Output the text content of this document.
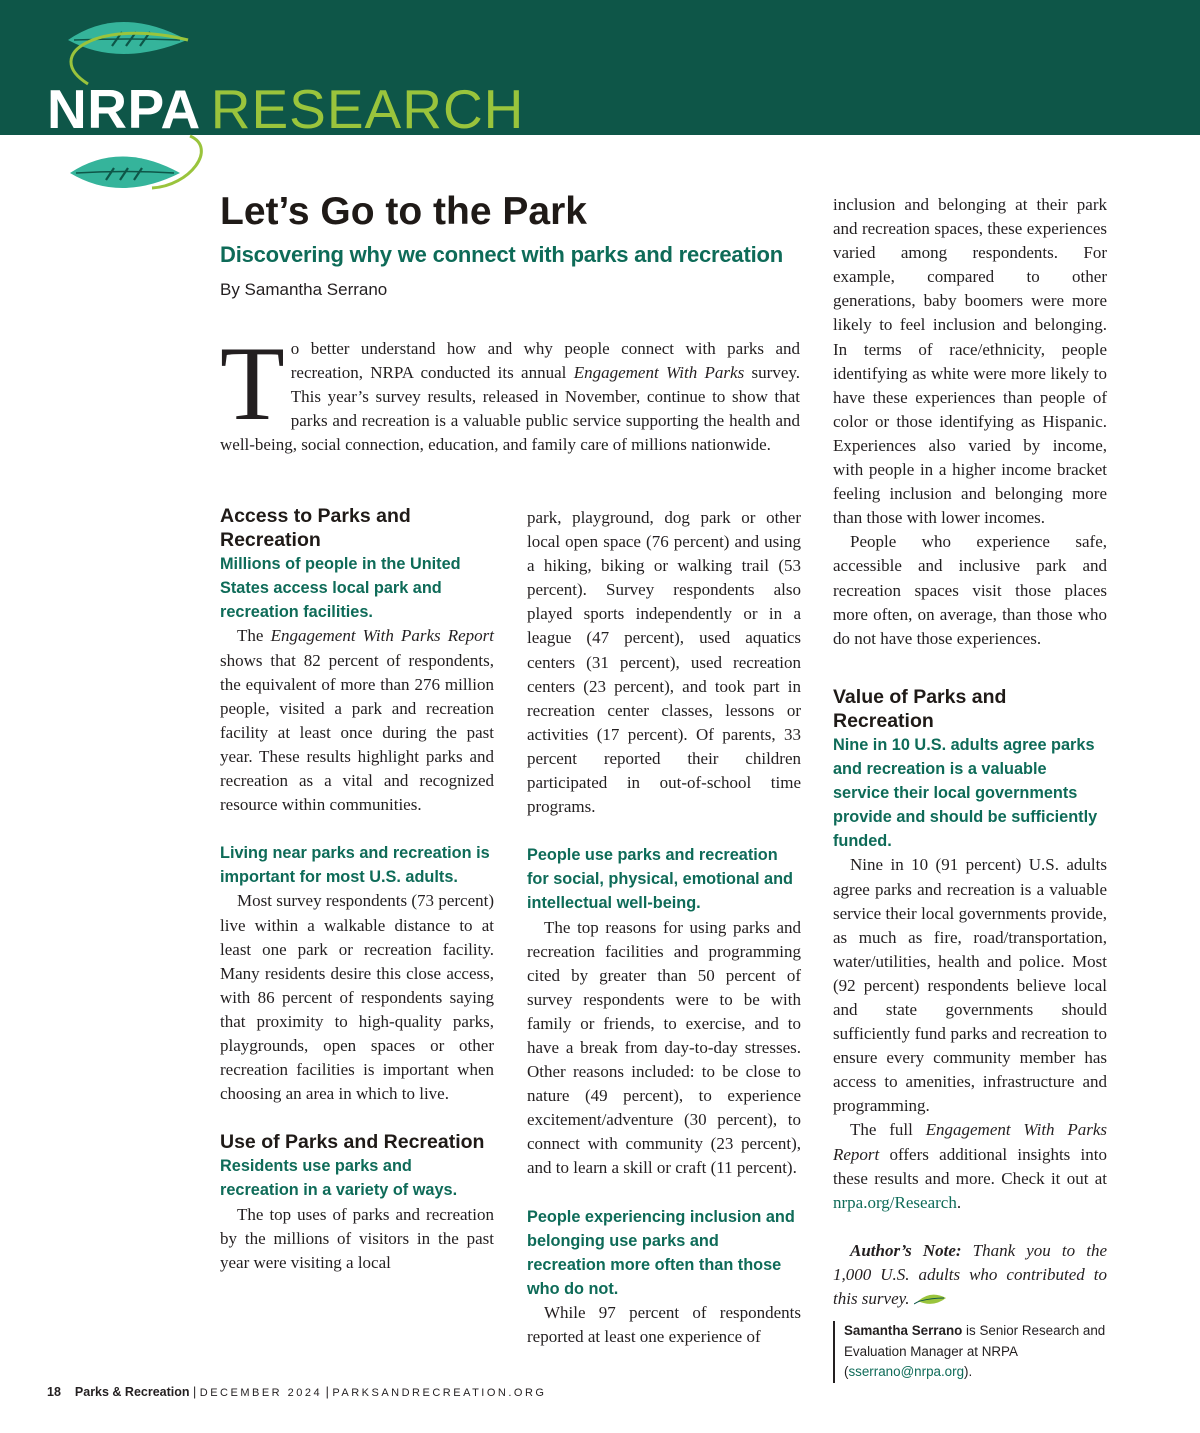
NRPA RESEARCH
Let’s Go to the Park
Discovering why we connect with parks and recreation
By Samantha Serrano

To better understand how and why people connect with parks and recreation, NRPA conducted its annual Engagement With Parks survey. This year’s survey results, released in November, continue to show that parks and recreation is a valuable public service supporting the health and well-being, social connection, education, and family care of millions nationwide.

Access to Parks and Recreation
Millions of people in the United States access local park and recreation facilities.

The Engagement With Parks Report shows that 82 percent of respondents, the equivalent of more than 276 million people, visited a park and recreation facility at least once during the past year. These results highlight parks and recreation as a vital and recognized resource within communities.

Living near parks and recreation is important for most U.S. adults.

Most survey respondents (73 percent) live within a walkable distance to at least one park or recreation facility. Many residents desire this close access, with 86 percent of respondents saying that proximity to high-quality parks, playgrounds, open spaces or other recreation facilities is important when choosing an area in which to live.

Use of Parks and Recreation
Residents use parks and recreation in a variety of ways.

The top uses of parks and recreation by the millions of visitors in the past year were visiting a local

park, playground, dog park or other local open space (76 percent) and using a hiking, biking or walking trail (53 percent). Survey respondents also played sports independently or in a league (47 percent), used aquatics centers (31 percent), used recreation centers (23 percent), and took part in recreation center classes, lessons or activities (17 percent). Of parents, 33 percent reported their children participated in out-of-school time programs.

People use parks and recreation for social, physical, emotional and intellectual well-being.

The top reasons for using parks and recreation facilities and programming cited by greater than 50 percent of survey respondents were to be with family or friends, to exercise, and to have a break from day-to-day stresses. Other reasons included: to be close to nature (49 percent), to experience excitement/adventure (30 percent), to connect with community (23 percent), and to learn a skill or craft (11 percent).

People experiencing inclusion and belonging use parks and recreation more often than those who do not.

While 97 percent of respondents reported at least one experience of

inclusion and belonging at their park and recreation spaces, these experiences varied among respondents. For example, compared to other generations, baby boomers were more likely to feel inclusion and belonging. In terms of race/ethnicity, people identifying as white were more likely to have these experiences than people of color or those identifying as Hispanic. Experiences also varied by income, with people in a higher income bracket feeling inclusion and belonging more than those with lower incomes.

People who experience safe, accessible and inclusive park and recreation spaces visit those places more often, on average, than those who do not have those experiences.

Value of Parks and Recreation
Nine in 10 U.S. adults agree parks and recreation is a valuable service their local governments provide and should be sufficiently funded.

Nine in 10 (91 percent) U.S. adults agree parks and recreation is a valuable service their local governments provide, as much as fire, road/transportation, water/utilities, health and police. Most (92 percent) respondents believe local and state governments should sufficiently fund parks and recreation to ensure every community member has access to amenities, infrastructure and programming.

The full Engagement With Parks Report offers additional insights into these results and more. Check it out at nrpa.org/Research.

Author’s Note: Thank you to the 1,000 U.S. adults who contributed to this survey.

Samantha Serrano is Senior Research and Evaluation Manager at NRPA (sserrano@nrpa.org).
18 Parks & Recreation | DECEMBER 2024 | PARKSANDRECREATION.ORG
